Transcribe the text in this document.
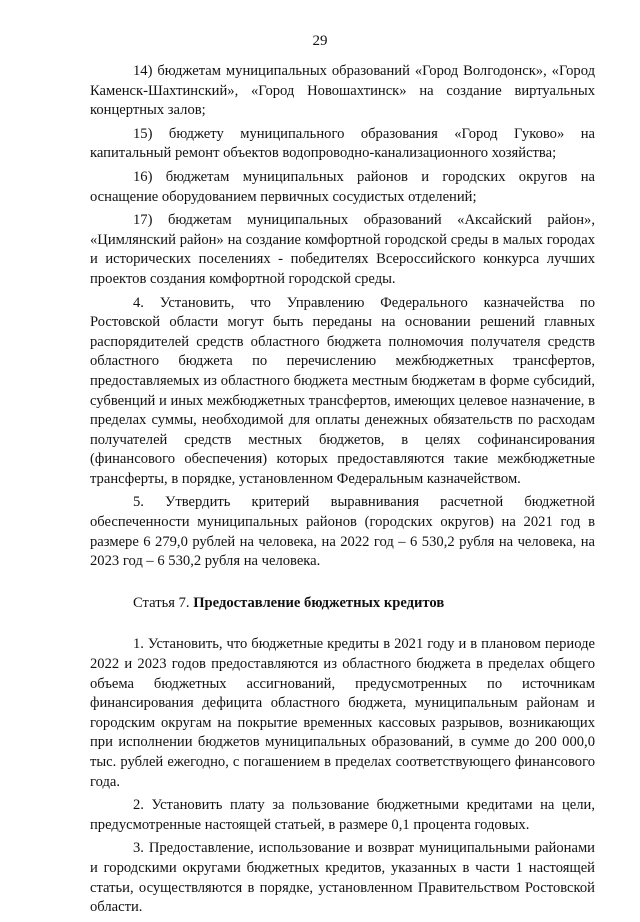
29

14) бюджетам муниципальных образований «Город Волгодонск», «Город Каменск-Шахтинский», «Город Новошахтинск» на создание виртуальных концертных залов;

15) бюджету муниципального образования «Город Гуково» на капитальный ремонт объектов водопроводно-канализационного хозяйства;

16) бюджетам муниципальных районов и городских округов на оснащение оборудованием первичных сосудистых отделений;

17) бюджетам муниципальных образований «Аксайский район», «Цимлянский район» на создание комфортной городской среды в малых городах и исторических поселениях - победителях Всероссийского конкурса лучших проектов создания комфортной городской среды.

4. Установить, что Управлению Федерального казначейства по Ростовской области могут быть переданы на основании решений главных распорядителей средств областного бюджета полномочия получателя средств областного бюджета по перечислению межбюджетных трансфертов, предоставляемых из областного бюджета местным бюджетам в форме субсидий, субвенций и иных межбюджетных трансфертов, имеющих целевое назначение, в пределах суммы, необходимой для оплаты денежных обязательств по расходам получателей средств местных бюджетов, в целях софинансирования (финансового обеспечения) которых предоставляются такие межбюджетные трансферты, в порядке, установленном Федеральным казначейством.

5. Утвердить критерий выравнивания расчетной бюджетной обеспеченности муниципальных районов (городских округов) на 2021 год в размере 6 279,0 рублей на человека, на 2022 год – 6 530,2 рубля на человека, на 2023 год – 6 530,2 рубля на человека.

Статья 7. Предоставление бюджетных кредитов

1. Установить, что бюджетные кредиты в 2021 году и в плановом периоде 2022 и 2023 годов предоставляются из областного бюджета в пределах общего объема бюджетных ассигнований, предусмотренных по источникам финансирования дефицита областного бюджета, муниципальным районам и городским округам на покрытие временных кассовых разрывов, возникающих при исполнении бюджетов муниципальных образований, в сумме до 200 000,0 тыс. рублей ежегодно, с погашением в пределах соответствующего финансового года.

2. Установить плату за пользование бюджетными кредитами на цели, предусмотренные настоящей статьей, в размере 0,1 процента годовых.

3. Предоставление, использование и возврат муниципальными районами и городскими округами бюджетных кредитов, указанных в части 1 настоящей статьи, осуществляются в порядке, установленном Правительством Ростовской области.
